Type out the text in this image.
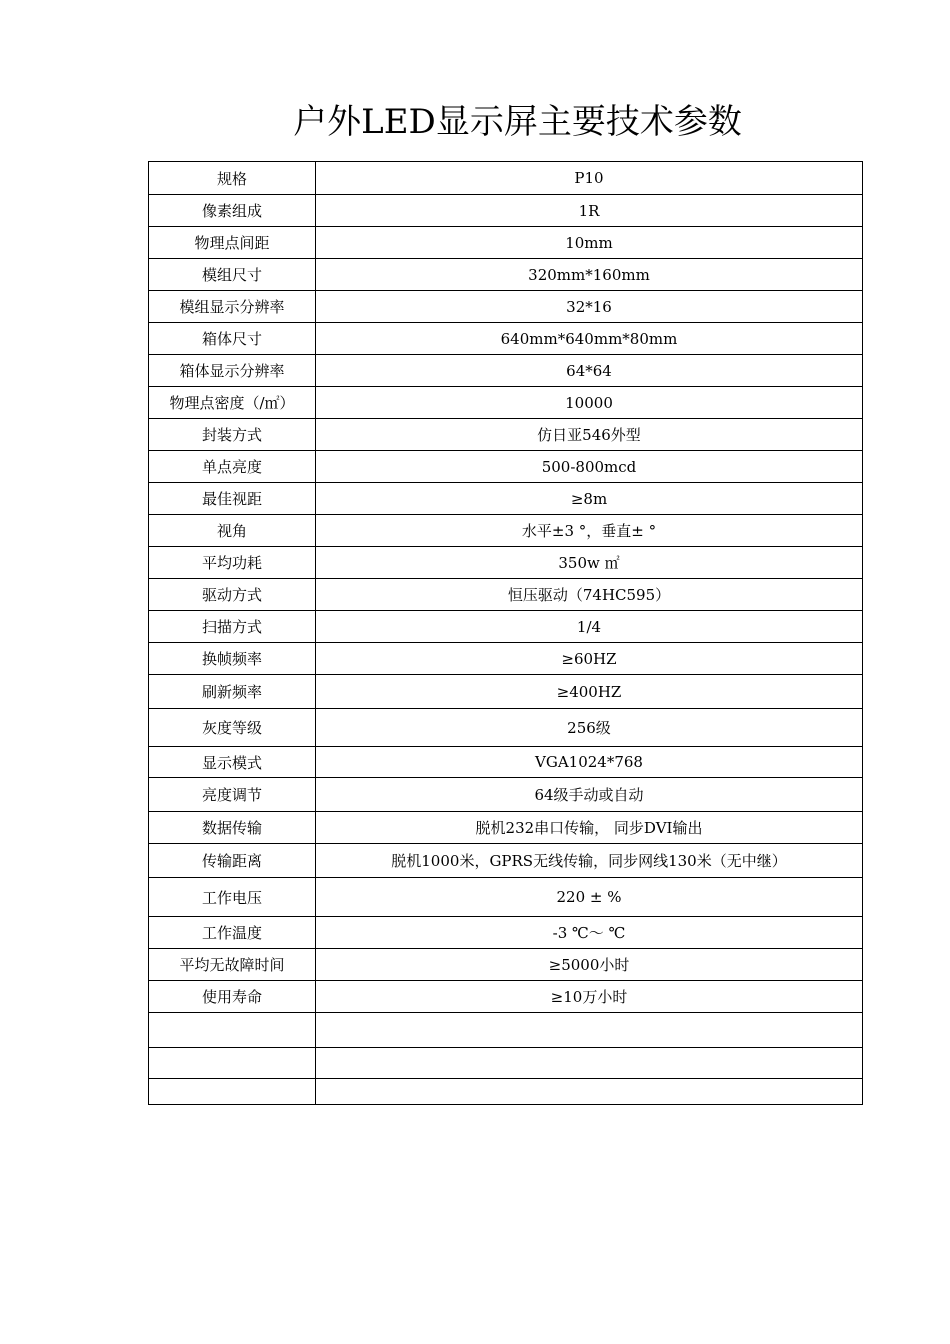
户外LED显示屏主要技术参数
规格	P10
像素组成	1R
物理点间距	10mm
模组尺寸	320mm*160mm
模组显示分辨率	32*16
箱体尺寸	640mm*640mm*80mm
箱体显示分辨率	64*64
物理点密度（/㎡）	10000
封装方式	仿日亚546外型
单点亮度	500-800mcd
最佳视距	≥8m
视角	水平±3 °，垂直± °
平均功耗	350w ㎡
驱动方式	恒压驱动（74HC595）
扫描方式	1/4
换帧频率	≥60HZ
刷新频率	≥400HZ
灰度等级	256级
显示模式	VGA1024*768
亮度调节	64级手动或自动
数据传输	脱机232串口传输， 同步DVI输出
传输距离	脱机1000米，GPRS无线传输，同步网线130米（无中继）
工作电压	220 ± %
工作温度	-3 ℃～ ℃
平均无故障时间	≥5000小时
使用寿命	≥10万小时
